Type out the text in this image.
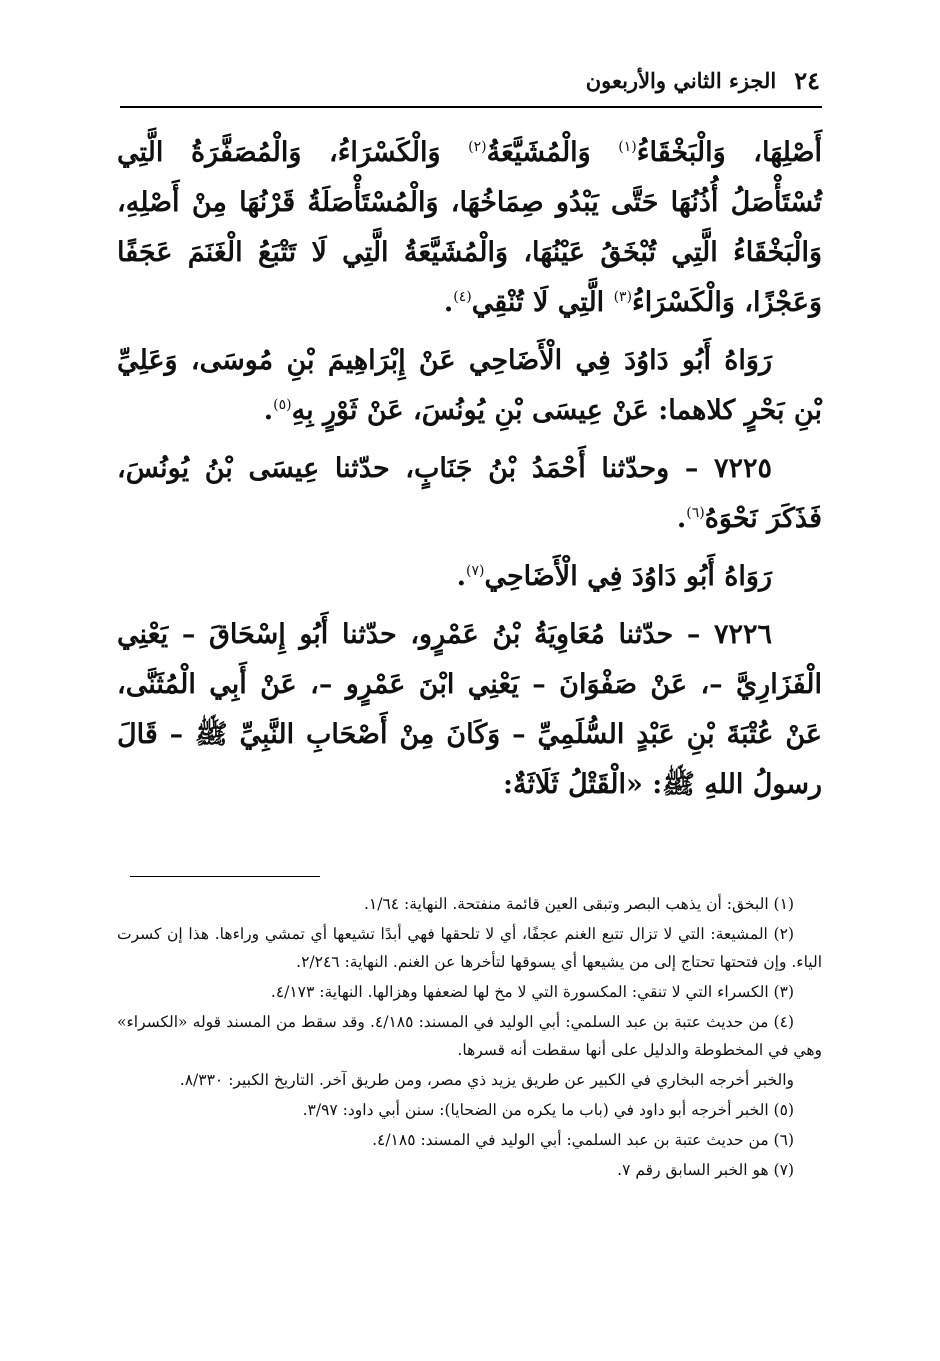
٢٤
الجزء الثاني والأربعون

أَصْلِهَا، وَالْبَخْقَاءُ$^{(١)}$ وَالْمُشَيَّعَةُ$^{(٢)}$ وَالْكَسْرَاءُ، وَالْمُصَفَّرَةُ الَّتِي تُسْتَأْصَلُ أُذُنُهَا حَتَّى يَبْدُو صِمَاخُهَا، وَالْمُسْتَأْصَلَةُ قَرْنُهَا مِنْ أَصْلِهِ، وَالْبَخْقَاءُ الَّتِي تُبْخَقُ عَيْنُهَا، وَالْمُشَيَّعَةُ الَّتِي لَا تَتْبَعُ الْغَنَمَ عَجَفًا وَعَجْزًا، وَالْكَسْرَاءُ$^{(٣)}$ الَّتِي لَا تُنْقِي$^{(٤)}$.

رَوَاهُ أَبُو دَاوُدَ فِي الْأَضَاحِي عَنْ إِبْرَاهِيمَ بْنِ مُوسَى، وَعَلِيِّ بْنِ بَحْرٍ كلاهما: عَنْ عِيسَى بْنِ يُونُسَ، عَنْ ثَوْرٍ بِهِ$^{(٥)}$.

٧٢٢٥ – وحدّثنا أَحْمَدُ بْنُ جَنَابٍ، حدّثنا عِيسَى بْنُ يُونُسَ، فَذَكَرَ نَحْوَهُ$^{(٦)}$.

رَوَاهُ أَبُو دَاوُدَ فِي الْأَضَاحِي$^{(٧)}$.

٧٢٢٦ – حدّثنا مُعَاوِيَةُ بْنُ عَمْرٍو، حدّثنا أَبُو إِسْحَاقَ – يَعْنِي الْفَزَارِيَّ –، عَنْ صَفْوَانَ – يَعْنِي ابْنَ عَمْرٍو –، عَنْ أَبِي الْمُثَنَّى، عَنْ عُتْبَةَ بْنِ عَبْدٍ السُّلَمِيِّ – وَكَانَ مِنْ أَصْحَابِ النَّبِيِّ ﷺ – قَالَ رسولُ اللهِ ﷺ: «الْقَتْلُ ثَلَاثَةٌ:

(١) البخق: أن يذهب البصر وتبقى العين قائمة منفتحة. النهاية: ١/٦٤.

(٢) المشيعة: التي لا تزال تتبع الغنم عجفًا، أي لا تلحقها فهي أبدًا تشيعها أي تمشي وراءها. هذا إن كسرت الياء. وإن فتحتها تحتاج إلى من يشيعها أي يسوقها لتأخرها عن الغنم. النهاية: ٢/٢٤٦.

(٣) الكسراء التي لا تنقي: المكسورة التي لا مخ لها لضعفها وهزالها. النهاية: ٤/١٧٣.

(٤) من حديث عتبة بن عبد السلمي: أبي الوليد في المسند: ٤/١٨٥. وقد سقط من المسند قوله «الكسراء» وهي في المخطوطة والدليل على أنها سقطت أنه قسرها.

والخبر أخرجه البخاري في الكبير عن طريق يزيد ذي مصر، ومن طريق آخر. التاريخ الكبير: ٨/٣٣٠.

(٥) الخبر أخرجه أبو داود في (باب ما يكره من الضحايا): سنن أبي داود: ٣/٩٧.

(٦) من حديث عتبة بن عبد السلمي: أبي الوليد في المسند: ٤/١٨٥.

(٧) هو الخبر السابق رقم ٧.
